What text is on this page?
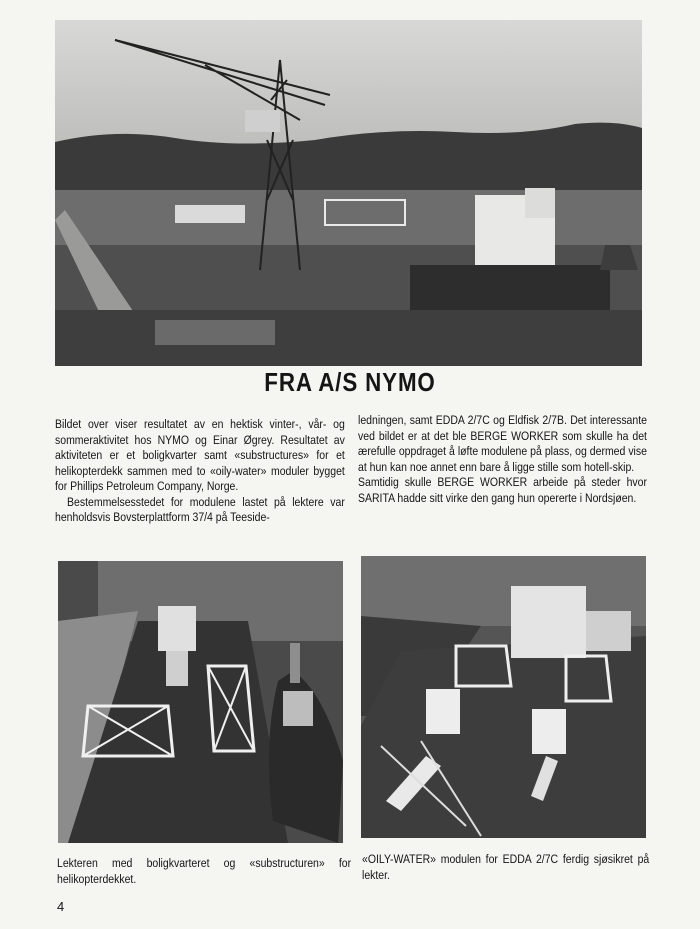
FRA A/S NYMO

Bildet over viser resultatet av en hektisk vinter-, vår- og sommeraktivitet hos NYMO og Einar Øgrey. Resultatet av aktiviteten er et boligkvarter samt «substructures» for et helikopterdekk sammen med to «oily-water» moduler bygget for Phillips Petroleum Company, Norge.

Bestemmelsesstedet for modulene lastet på lektere var henholdsvis Bovsterplattform 37/4 på Teeside-

ledningen, samt EDDA 2/7C og Eldfisk 2/7B. Det interessante ved bildet er at det ble BERGE WORKER som skulle ha det ærefulle oppdraget å løfte modulene på plass, og dermed vise at hun kan noe annet enn bare å ligge stille som hotell-skip.

Samtidig skulle BERGE WORKER arbeide på steder hvor SARITA hadde sitt virke den gang hun opererte i Nordsjøen.

Lekteren med boligkvarteret og «substructuren» for helikopterdekket.
«OILY-WATER» modulen for EDDA 2/7C ferdig sjøsikret på lekter.
4
